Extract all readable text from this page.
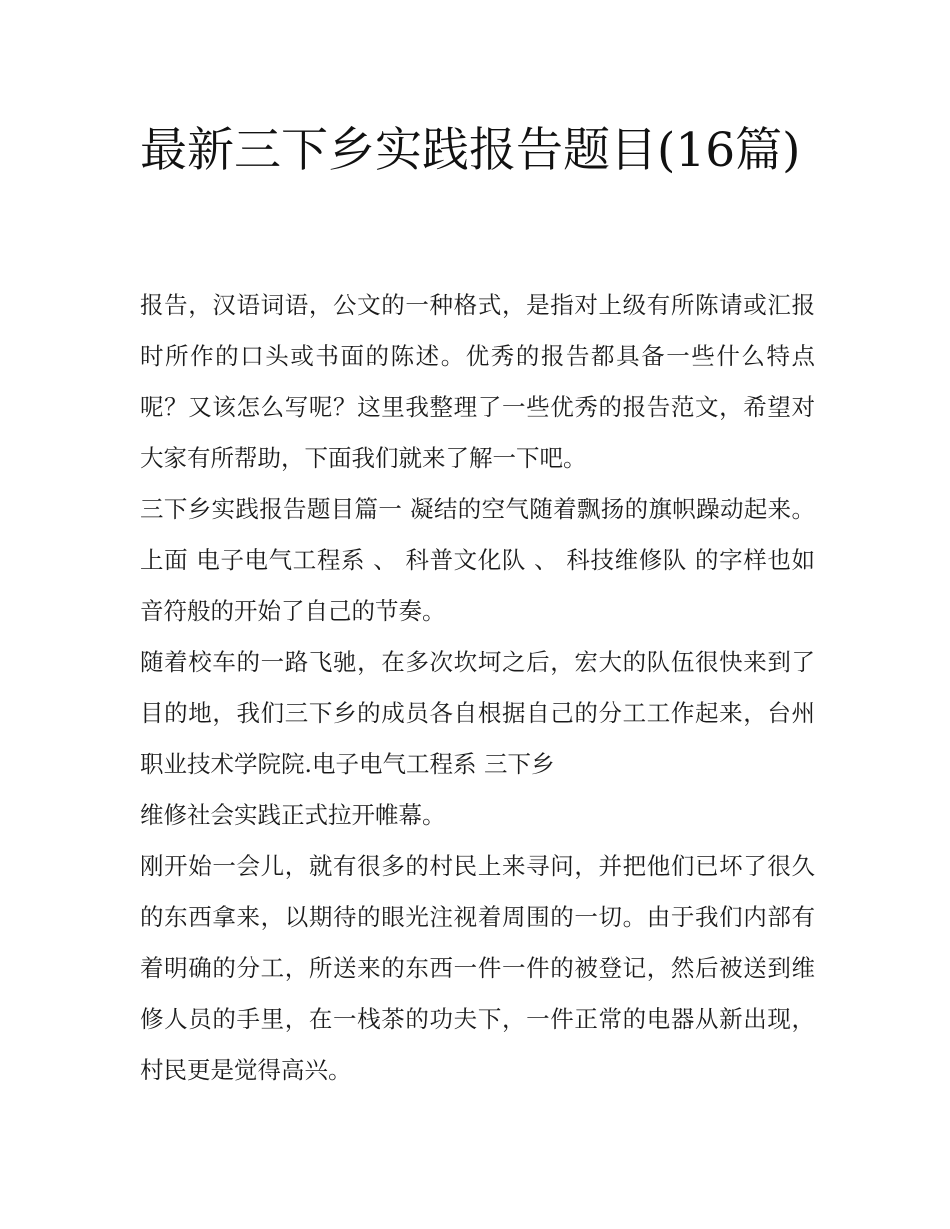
最新三下乡实践报告题目(16篇)

报告，汉语词语，公文的一种格式，是指对上级有所陈请或汇报时所作的口头或书面的陈述。优秀的报告都具备一些什么特点呢？又该怎么写呢？这里我整理了一些优秀的报告范文，希望对大家有所帮助，下面我们就来了解一下吧。

三下乡实践报告题目篇一 凝结的空气随着飘扬的旗帜躁动起来。上面 电子电气工程系 、 科普文化队 、 科技维修队 的字样也如音符般的开始了自己的节奏。

随着校车的一路飞驰，在多次坎坷之后，宏大的队伍很快来到了目的地，我们三下乡的成员各自根据自己的分工工作起来，台州职业技术学院院.电子电气工程系 三下乡

维修社会实践正式拉开帷幕。

刚开始一会儿，就有很多的村民上来寻问，并把他们已坏了很久的东西拿来，以期待的眼光注视着周围的一切。由于我们内部有着明确的分工，所送来的东西一件一件的被登记，然后被送到维修人员的手里，在一栈茶的功夫下，一件正常的电器从新出现，村民更是觉得高兴。
